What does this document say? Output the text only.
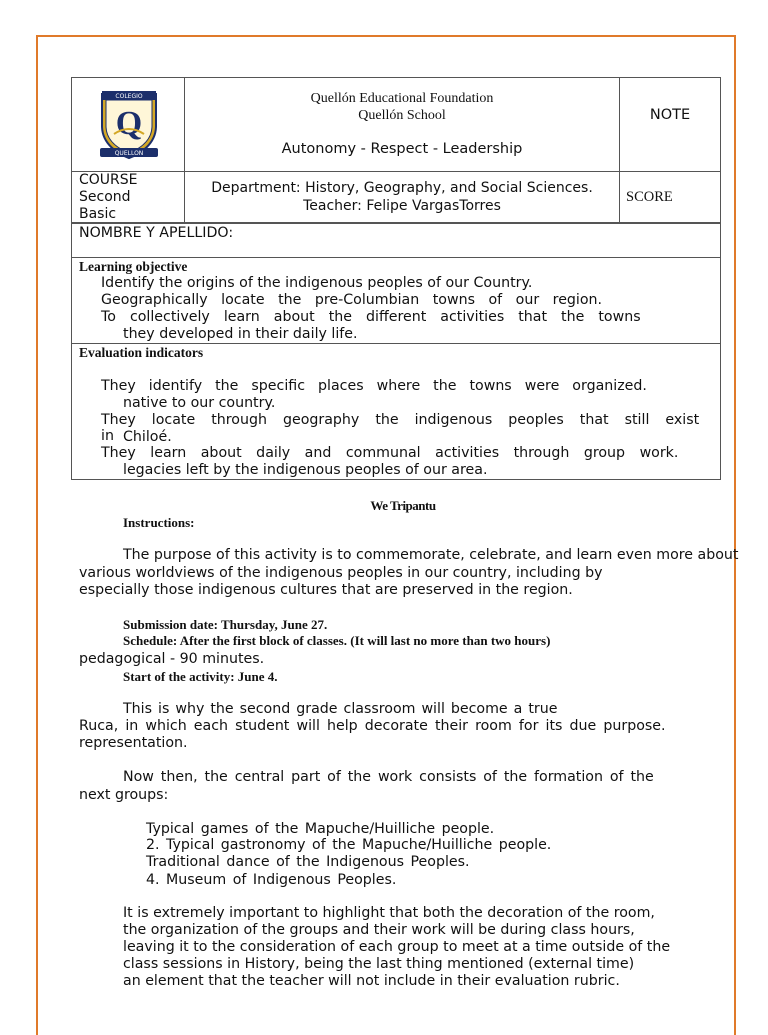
COLEGIO
Q
QUELLON
Quellón Educational Foundation
Quellón School
Autonomy - Respect - Leadership
NOTE
COURSE
Second
Basic
Department: History, Geography, and Social Sciences.
Teacher: Felipe VargasTorres
SCORE
NOMBRE Y APELLIDO:
Learning objective
Identify the origins of the indigenous peoples of our Country.
Geographically locate the pre-Columbian towns of our region.
To collectively learn about the different activities that the towns
they developed in their daily life.
Evaluation indicators
They identify the specific places where the towns were organized.
native to our country.
They locate through geography the indigenous peoples that still exist in Chiloé.
They learn about daily and communal activities through group work.
legacies left by the indigenous peoples of our area.
We Tripantu
Instructions:
The purpose of this activity is to commemorate, celebrate, and learn even more about
various worldviews of the indigenous peoples in our country, including by
especially those indigenous cultures that are preserved in the region.
Submission date: Thursday, June 27.
Schedule: After the first block of classes. (It will last no more than two hours)
pedagogical - 90 minutes.
Start of the activity: June 4.
This is why the second grade classroom will become a true
Ruca, in which each student will help decorate their room for its due purpose.
representation.
Now then, the central part of the work consists of the formation of the
next groups:
Typical games of the Mapuche/Huilliche people.
2. Typical gastronomy of the Mapuche/Huilliche people.
Traditional dance of the Indigenous Peoples.
4. Museum of Indigenous Peoples.
It is extremely important to highlight that both the decoration of the room,
the organization of the groups and their work will be during class hours,
leaving it to the consideration of each group to meet at a time outside of the
class sessions in History, being the last thing mentioned (external time)
an element that the teacher will not include in their evaluation rubric.
